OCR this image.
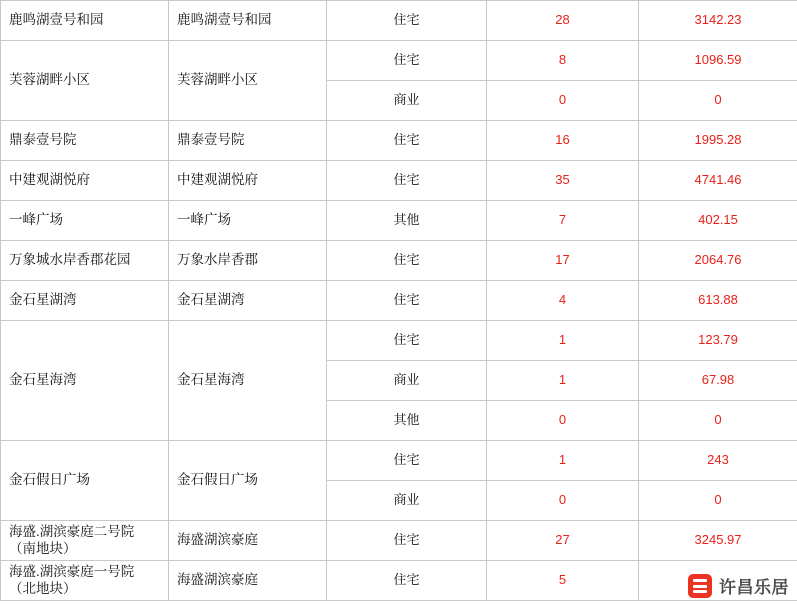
鹿鸣湖壹号和园	鹿鸣湖壹号和园	住宅	28	3142.23
芙蓉湖畔小区	芙蓉湖畔小区	住宅	8	1096.59
		商业	0	0
鼎泰壹号院	鼎泰壹号院	住宅	16	1995.28
中建观湖悦府	中建观湖悦府	住宅	35	4741.46
一峰广场	一峰广场	其他	7	402.15
万象城水岸香郡花园	万象水岸香郡	住宅	17	2064.76
金石星湖湾	金石星湖湾	住宅	4	613.88
金石星海湾	金石星海湾	住宅	1	123.79
		商业	1	67.98
		其他	0	0
金石假日广场	金石假日广场	住宅	1	243
		商业	0	0
海盛.湖滨豪庭二号院（南地块）	海盛湖滨豪庭	住宅	27	3245.97
海盛.湖滨豪庭一号院（北地块）	海盛湖滨豪庭	住宅	5		许昌乐居
